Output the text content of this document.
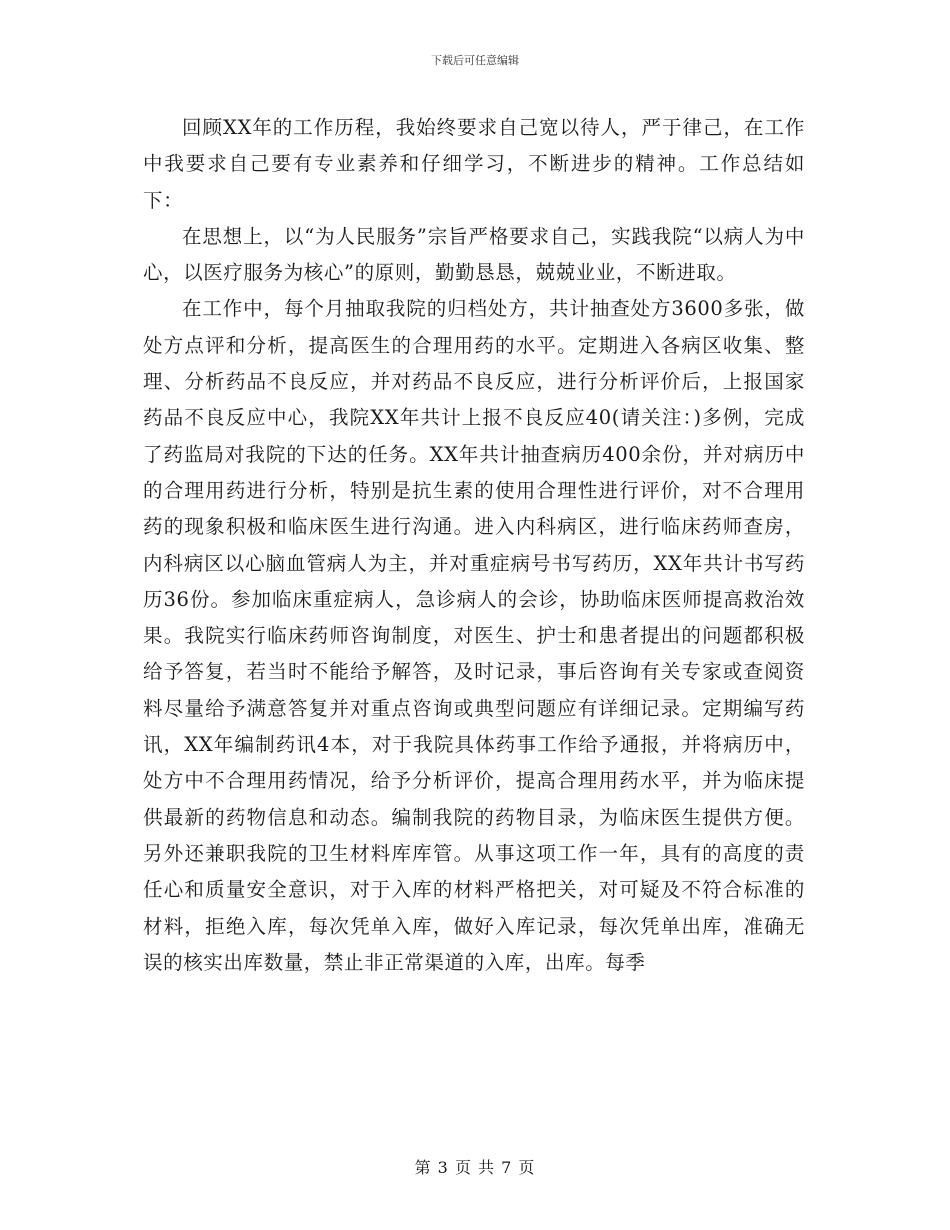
下载后可任意编辑

回顾XX年的工作历程，我始终要求自己宽以待人，严于律己，在工作中我要求自己要有专业素养和仔细学习，不断进步的精神。工作总结如下：

在思想上，以“为人民服务”宗旨严格要求自己，实践我院“以病人为中心，以医疗服务为核心”的原则，勤勤恳恳，兢兢业业，不断进取。

在工作中，每个月抽取我院的归档处方，共计抽查处方3600多张，做处方点评和分析，提高医生的合理用药的水平。定期进入各病区收集、整理、分析药品不良反应，并对药品不良反应，进行分析评价后，上报国家药品不良反应中心，我院XX年共计上报不良反应40(请关注：)多例，完成了药监局对我院的下达的任务。XX年共计抽查病历400余份，并对病历中的合理用药进行分析，特别是抗生素的使用合理性进行评价，对不合理用药的现象积极和临床医生进行沟通。进入内科病区，进行临床药师查房，内科病区以心脑血管病人为主，并对重症病号书写药历，XX年共计书写药历36份。参加临床重症病人，急诊病人的会诊，协助临床医师提高救治效果。我院实行临床药师咨询制度，对医生、护士和患者提出的问题都积极给予答复，若当时不能给予解答，及时记录，事后咨询有关专家或查阅资料尽量给予满意答复并对重点咨询或典型问题应有详细记录。定期编写药讯，XX年编制药讯4本，对于我院具体药事工作给予通报，并将病历中，处方中不合理用药情况，给予分析评价，提高合理用药水平，并为临床提供最新的药物信息和动态。编制我院的药物目录，为临床医生提供方便。另外还兼职我院的卫生材料库库管。从事这项工作一年，具有的高度的责任心和质量安全意识，对于入库的材料严格把关，对可疑及不符合标准的材料，拒绝入库，每次凭单入库，做好入库记录，每次凭单出库，准确无误的核实出库数量，禁止非正常渠道的入库，出库。每季

第 3 页 共 7 页
